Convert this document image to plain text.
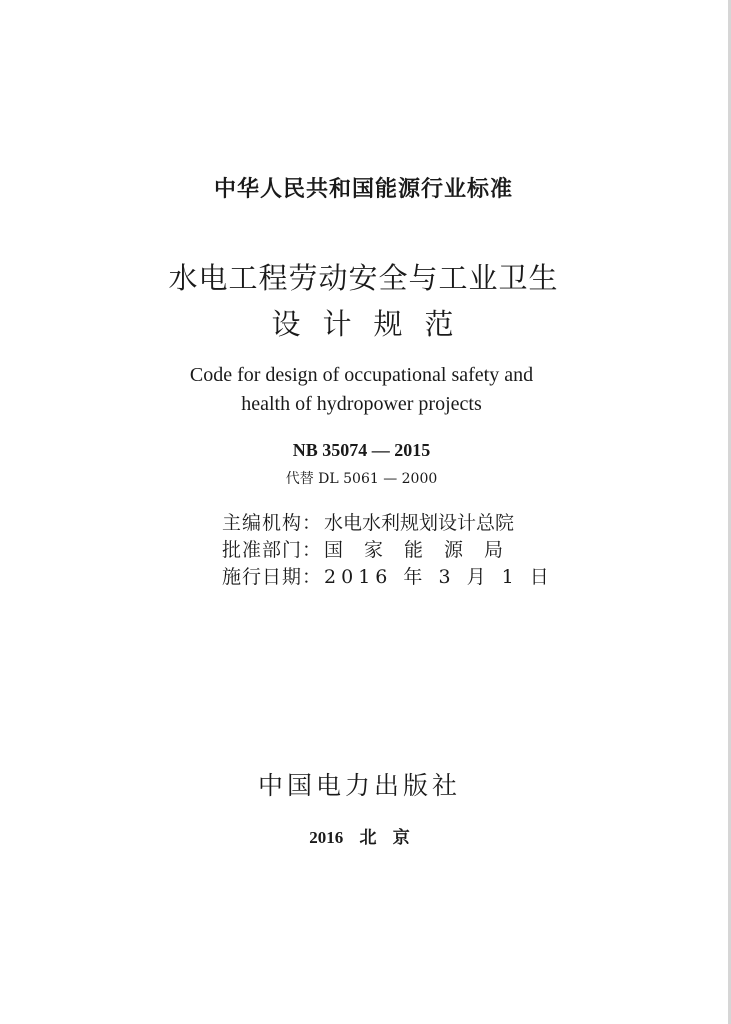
中华人民共和国能源行业标准
水电工程劳动安全与工业卫生
设计规范
Code for design of occupational safety and
health of hydropower projects
NB 35074 — 2015
代替 DL 5061 — 2000
主编机构： 水电水利规划设计总院
批准部门： 国家能源局
施行日期： 2016 年 3 月 1 日
中国电力出版社
2016 北 京
